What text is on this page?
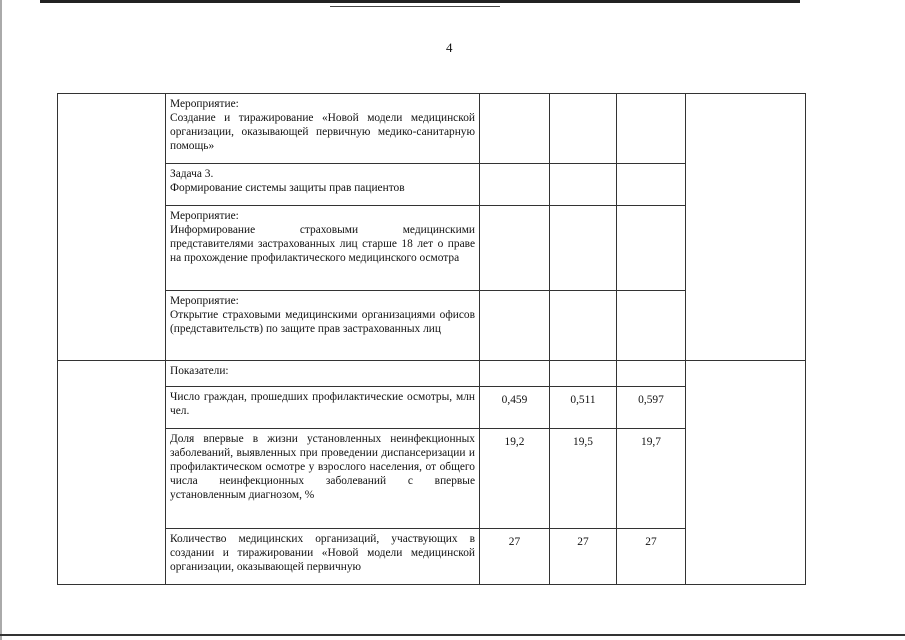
4

	Мероприятие:
Создание и тиражирование «Новой модели медицинской организации, оказывающей первичную медико-санитарную помощь»				

	Задача 3.
Формирование системы защиты прав пациентов				

	Мероприятие:
Информирование страховыми медицинскими представителями застрахованных лиц старше 18 лет о праве на прохождение профилактического медицинского осмотра				

	Мероприятие:
Открытие страховыми медицинскими организациями офисов (представительств) по защите прав застрахованных лиц				

	Показатели:				

	Число граждан, прошедших профилактические осмотры, млн чел.	0,459	0,511	0,597	

	Доля впервые в жизни установленных неинфекционных заболеваний, выявленных при проведении диспансеризации и профилактическом осмотре у взрослого населения, от общего числа неинфекционных заболеваний с впервые установленным диагнозом, %	19,2	19,5	19,7	

	Количество медицинских организаций, участвующих в создании и тиражировании «Новой модели медицинской организации, оказывающей первичную	27	27	27	
